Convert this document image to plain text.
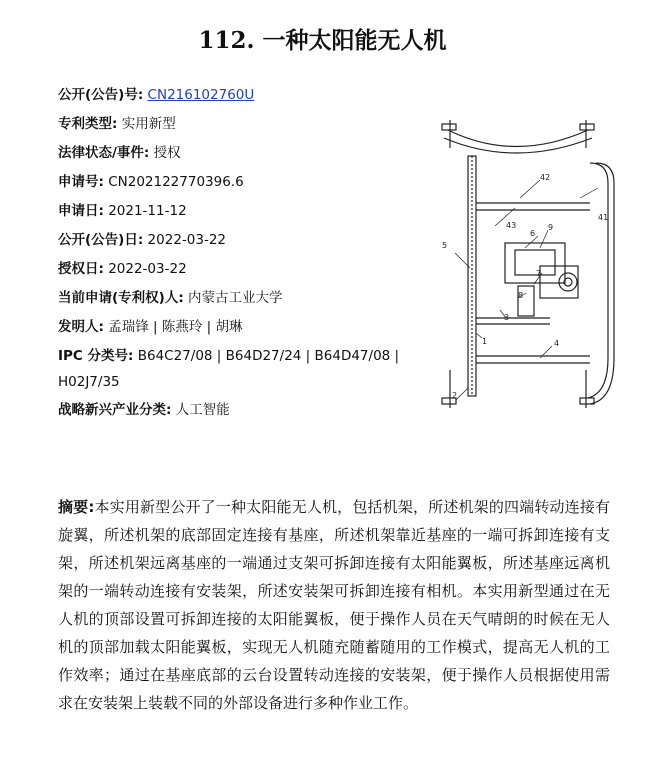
112. 一种太阳能无人机
公开(公告)号: CN216102760U
专利类型: 实用新型
法律状态/事件: 授权
申请号: CN202122770396.6
申请日: 2021-11-12
公开(公告)日: 2022-03-22
授权日: 2022-03-22
当前申请(专利权)人: 内蒙古工业大学
发明人: 孟瑞锋 | 陈燕玲 | 胡琳
IPC 分类号: B64C27/08 | B64D27/24 | B64D47/08 | H02J7/35
战略新兴产业分类: 人工智能
42
43
41
5
6
9
7
8
1
3
4
2
摘要:本实用新型公开了一种太阳能无人机，包括机架，所述机架的四端转动连接有旋翼，所述机架的底部固定连接有基座，所述机架靠近基座的一端可拆卸连接有支架，所述机架远离基座的一端通过支架可拆卸连接有太阳能翼板，所述基座远离机架的一端转动连接有安装架，所述安装架可拆卸连接有相机。本实用新型通过在无人机的顶部设置可拆卸连接的太阳能翼板，便于操作人员在天气晴朗的时候在无人机的顶部加载太阳能翼板，实现无人机随充随蓄随用的工作模式，提高无人机的工作效率；通过在基座底部的云台设置转动连接的安装架，便于操作人员根据使用需求在安装架上装载不同的外部设备进行多种作业工作。
